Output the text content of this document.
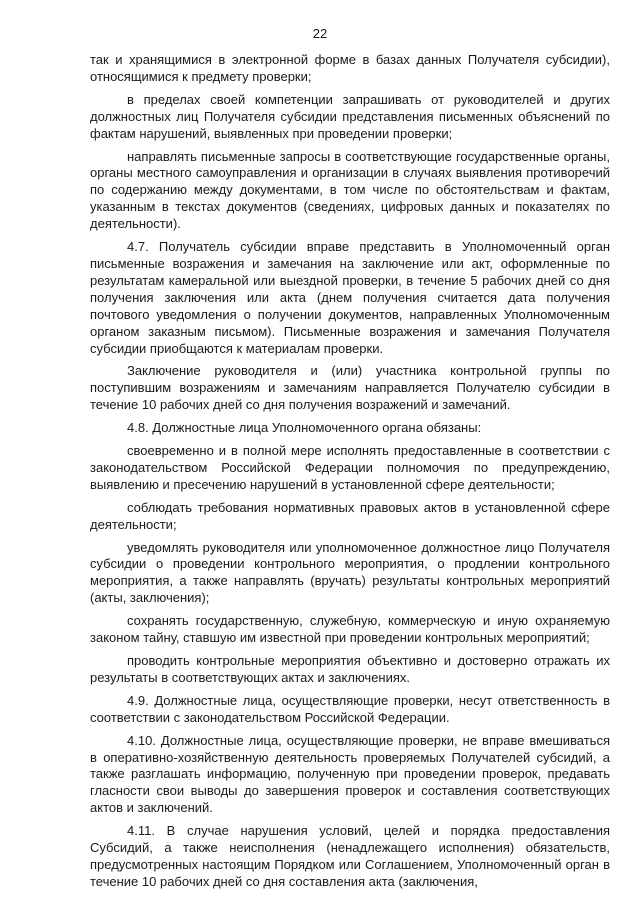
22

так и хранящимися в электронной форме в базах данных Получателя субсидии), относящимися к предмету проверки;

в пределах своей компетенции запрашивать от руководителей и других должностных лиц Получателя субсидии представления письменных объяснений по фактам нарушений, выявленных при проведении проверки;

направлять письменные запросы в соответствующие государственные органы, органы местного самоуправления и организации в случаях выявления противоречий по содержанию между документами, в том числе по обстоятельствам и фактам, указанным в текстах документов (сведениях, цифровых данных и показателях по деятельности).

4.7. Получатель субсидии вправе представить в Уполномоченный орган письменные возражения и замечания на заключение или акт, оформленные по результатам камеральной или выездной проверки, в течение 5 рабочих дней со дня получения заключения или акта (днем получения считается дата получения почтового уведомления о получении документов, направленных Уполномоченным органом заказным письмом). Письменные возражения и замечания Получателя субсидии приобщаются к материалам проверки.

Заключение руководителя и (или) участника контрольной группы по поступившим возражениям и замечаниям направляется Получателю субсидии в течение 10 рабочих дней со дня получения возражений и замечаний.

4.8. Должностные лица Уполномоченного органа обязаны:

своевременно и в полной мере исполнять предоставленные в соответствии с законодательством Российской Федерации полномочия по предупреждению, выявлению и пресечению нарушений в установленной сфере деятельности;

соблюдать требования нормативных правовых актов в установленной сфере деятельности;

уведомлять руководителя или уполномоченное должностное лицо Получателя субсидии о проведении контрольного мероприятия, о продлении контрольного мероприятия, а также направлять (вручать) результаты контрольных мероприятий (акты, заключения);

сохранять государственную, служебную, коммерческую и иную охраняемую законом тайну, ставшую им известной при проведении контрольных мероприятий;

проводить контрольные мероприятия объективно и достоверно отражать их результаты в соответствующих актах и заключениях.

4.9. Должностные лица, осуществляющие проверки, несут ответственность в соответствии с законодательством Российской Федерации.

4.10. Должностные лица, осуществляющие проверки, не вправе вмешиваться в оперативно-хозяйственную деятельность проверяемых Получателей субсидий, а также разглашать информацию, полученную при проведении проверок, предавать гласности свои выводы до завершения проверок и составления соответствующих актов и заключений.

4.11. В случае нарушения условий, целей и порядка предоставления Субсидий, а также неисполнения (ненадлежащего исполнения) обязательств, предусмотренных настоящим Порядком или Соглашением, Уполномоченный орган в течение 10 рабочих дней со дня составления акта (заключения,
